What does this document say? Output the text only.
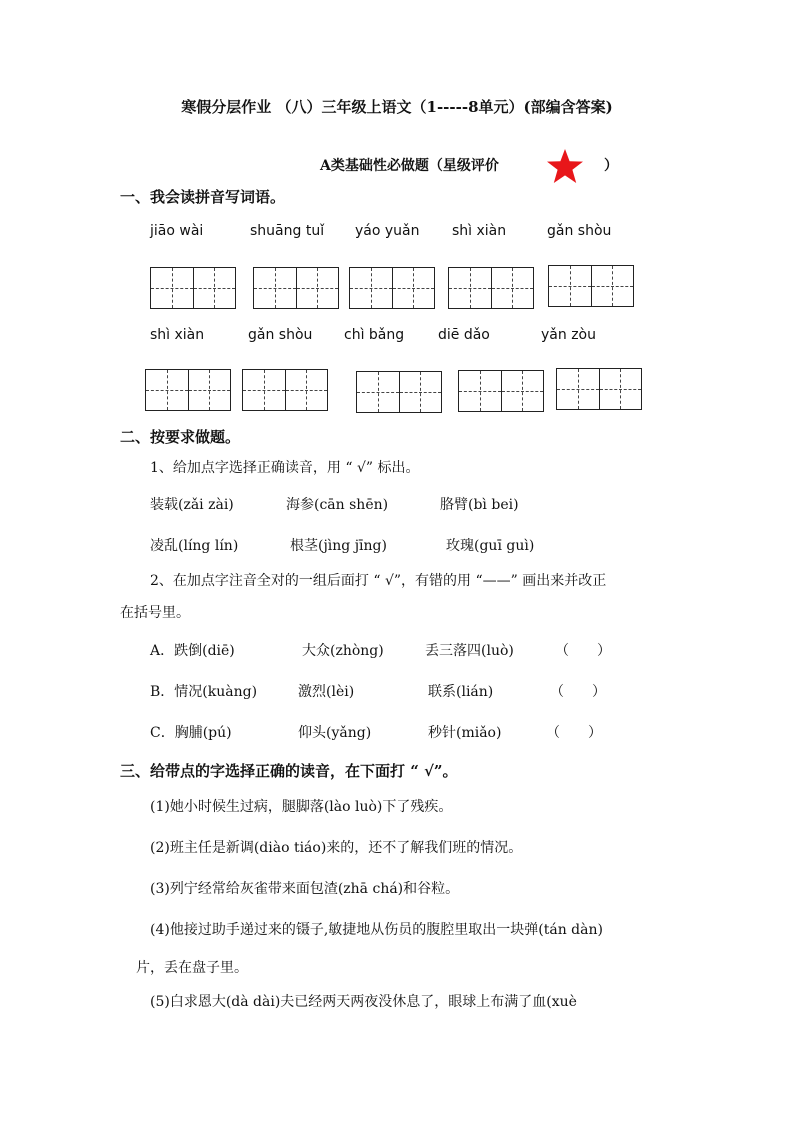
寒假分层作业 （八）三年级上语文（1-----8单元）(部编含答案)
A类基础性必做题（星级评价	）
一、我会读拼音写词语。
jiāo wài	shuāng tuǐ yáo yuǎn shì xiàn	gǎn shòu
shì xiàn	gǎn shòu chì bǎng diē dǎo	yǎn zòu
二、按要求做题。
1、给加点字选择正确读音，用 “ √” 标出。
装载(zǎi zài)	海参(cān shēn)	胳臂(bì bei)
凌乱(líng lín)	根茎(jìng jīng)	玫瑰(guī guì)
2、在加点字注音全对的一组后面打 “ √”，有错的用 “——” 画出来并改正
在括号里。
A．跌倒(diē)	大众(zhòng)	丢三落四(luò)	（　　）
B．情况(kuàng)	激烈(lèi)	联系(lián)	（　　）
C．胸脯(pú)	仰头(yǎng)	秒针(miǎo)	（　　）
三、给带点的字选择正确的读音，在下面打 “ √”。
(1)她小时候生过病，腿脚落(lào luò)下了残疾。
(2)班主任是新调(diào tiáo)来的，还不了解我们班的情况。
(3)列宁经常给灰雀带来面包渣(zhā chá)和谷粒。
(4)他接过助手递过来的镊子,敏捷地从伤员的腹腔里取出一块弹(tán dàn)
片，丢在盘子里。
(5)白求恩大(dà dài)夫已经两天两夜没休息了，眼球上布满了血(xuè
